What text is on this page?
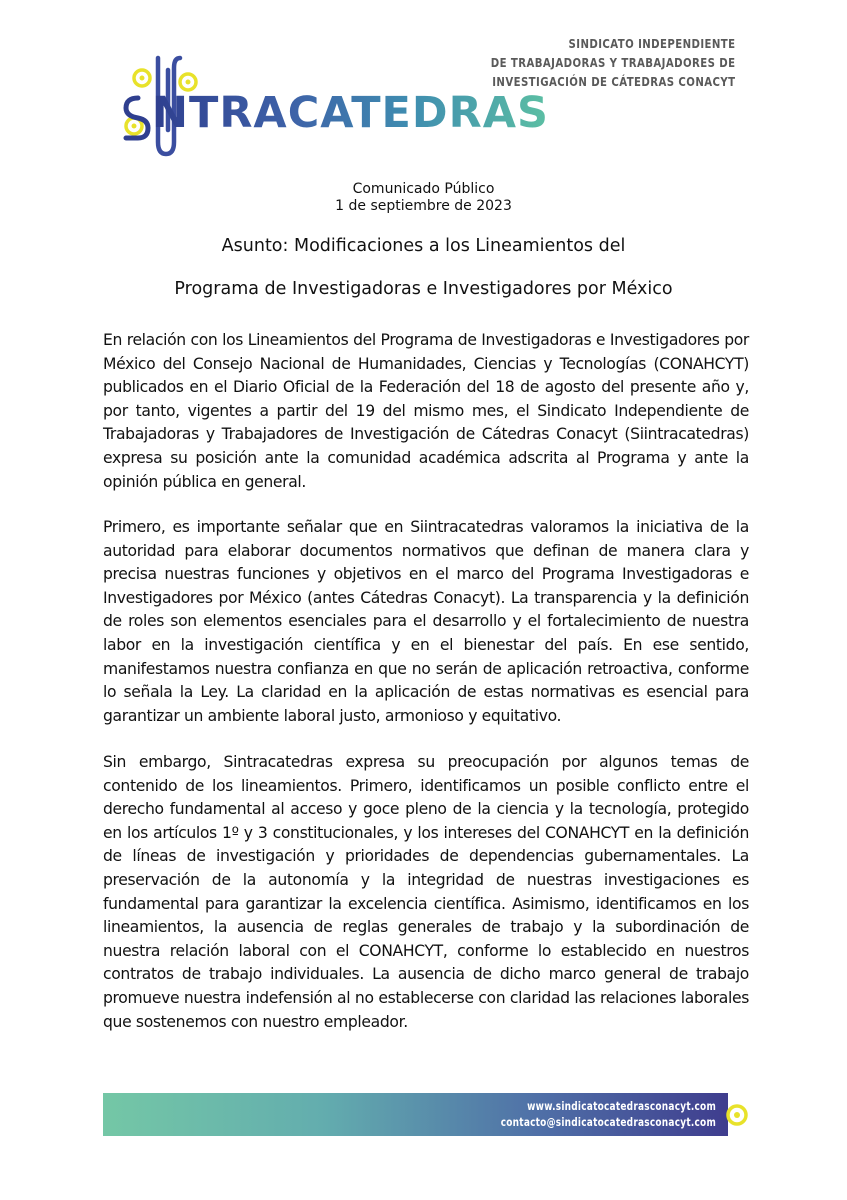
NTRACATEDRAS
SINDICATO INDEPENDIENTE
DE TRABAJADORAS Y TRABAJADORES DE
INVESTIGACIÓN DE CÁTEDRAS CONACYT
Comunicado Público
1 de septiembre de 2023
Asunto: Modificaciones a los Lineamientos del
Programa de Investigadoras e Investigadores por México

En relación con los Lineamientos del Programa de Investigadoras e Investigadores por México del Consejo Nacional de Humanidades, Ciencias y Tecnologías (CONAHCYT) publicados en el Diario Oficial de la Federación del 18 de agosto del presente año y, por tanto, vigentes a partir del 19 del mismo mes, el Sindicato Independiente de Trabajadoras y Trabajadores de Investigación de Cátedras Conacyt (Siintracatedras) expresa su posición ante la comunidad académica adscrita al Programa y ante la opinión pública en general.

Primero, es importante señalar que en Siintracatedras valoramos la iniciativa de la autoridad para elaborar documentos normativos que definan de manera clara y precisa nuestras funciones y objetivos en el marco del Programa Investigadoras e Investigadores por México (antes Cátedras Conacyt). La transparencia y la definición de roles son elementos esenciales para el desarrollo y el fortalecimiento de nuestra labor en la investigación científica y en el bienestar del país. En ese sentido, manifestamos nuestra confianza en que no serán de aplicación retroactiva, conforme lo señala la Ley. La claridad en la aplicación de estas normativas es esencial para garantizar un ambiente laboral justo, armonioso y equitativo.

Sin embargo, Sintracatedras expresa su preocupación por algunos temas de contenido de los lineamientos. Primero, identificamos un posible conflicto entre el derecho fundamental al acceso y goce pleno de la ciencia y la tecnología, protegido en los artículos 1º y 3 constitucionales, y los intereses del CONAHCYT en la definición de líneas de investigación y prioridades de dependencias gubernamentales. La preservación de la autonomía y la integridad de nuestras investigaciones es fundamental para garantizar la excelencia científica. Asimismo, identificamos en los lineamientos, la ausencia de reglas generales de trabajo y la subordinación de nuestra relación laboral con el CONAHCYT, conforme lo establecido en nuestros contratos de trabajo individuales. La ausencia de dicho marco general de trabajo promueve nuestra indefensión al no establecerse con claridad las relaciones laborales que sostenemos con nuestro empleador.

www.sindicatocatedrasconacyt.com
contacto@sindicatocatedrasconacyt.com
